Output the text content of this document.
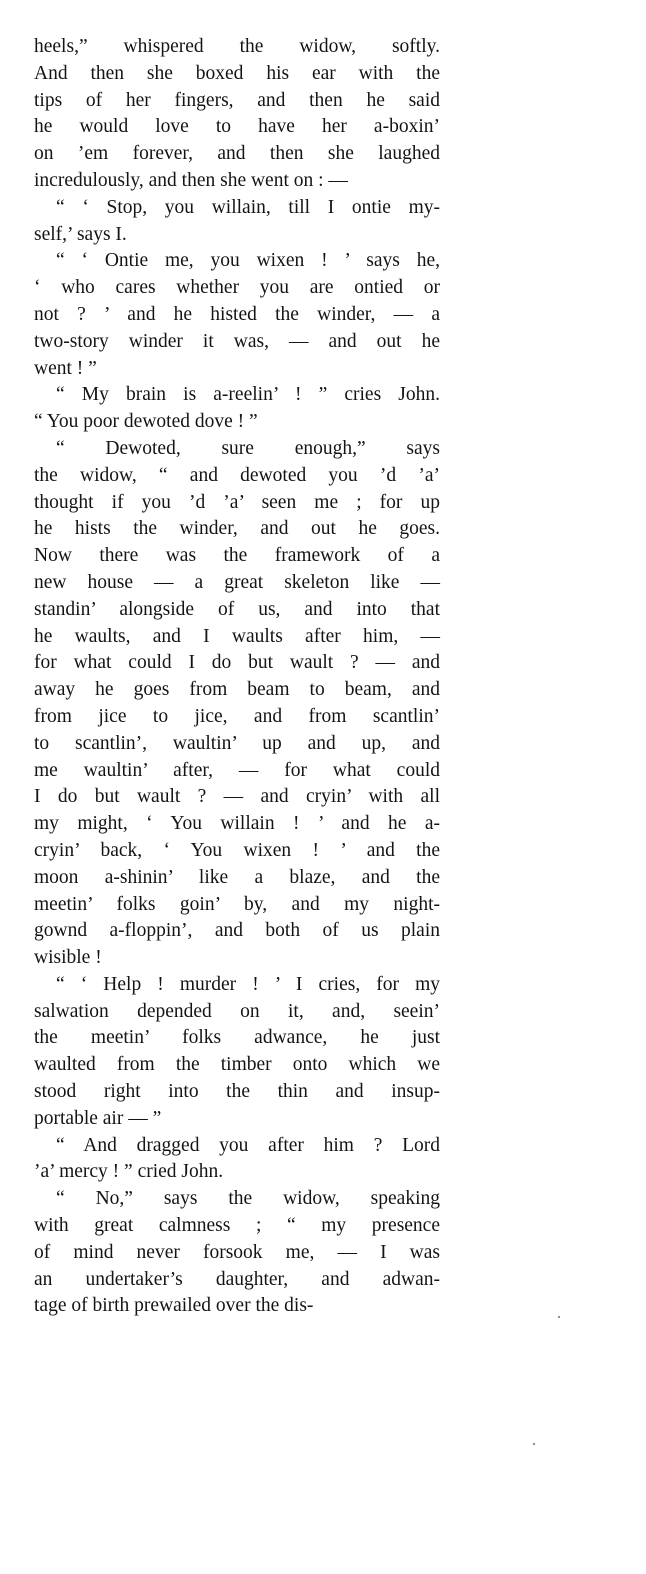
heels,” whispered the widow, softly.
And then she boxed his ear with the
tips of her fingers, and then he said
he would love to have her a-boxin’
on ’em forever, and then she laughed
incredulously, and then she went on : —
“ ‘ Stop, you willain, till I ontie my-
self,’ says I.
“ ‘ Ontie me, you wixen ! ’ says he,
‘ who cares whether you are ontied or
not ? ’ and he histed the winder, — a
two-story winder it was, — and out he
went ! ”
“ My brain is a-reelin’ ! ” cries John.
“ You poor dewoted dove ! ”
“ Dewoted, sure enough,” says
the widow, “ and dewoted you ’d ’a’
thought if you ’d ’a’ seen me ; for up
he hists the winder, and out he goes.
Now there was the framework of a
new house — a great skeleton like —
standin’ alongside of us, and into that
he waults, and I waults after him, —
for what could I do but wault ? — and
away he goes from beam to beam, and
from jice to jice, and from scantlin’
to scantlin’, waultin’ up and up, and
me waultin’ after, — for what could
I do but wault ? — and cryin’ with all
my might, ‘ You willain ! ’ and he a-
cryin’ back, ‘ You wixen ! ’ and the
moon a-shinin’ like a blaze, and the
meetin’ folks goin’ by, and my night-
gownd a-floppin’, and both of us plain
wisible !
“ ‘ Help ! murder ! ’ I cries, for my
salwation depended on it, and, seein’
the meetin’ folks adwance, he just
waulted from the timber onto which we
stood right into the thin and insup-
portable air — ”
“ And dragged you after him ? Lord
’a’ mercy ! ” cried John.
“ No,” says the widow, speaking
with great calmness ; “ my presence
of mind never forsook me, — I was
an undertaker’s daughter, and adwan-
tage of birth prewailed over the dis-
